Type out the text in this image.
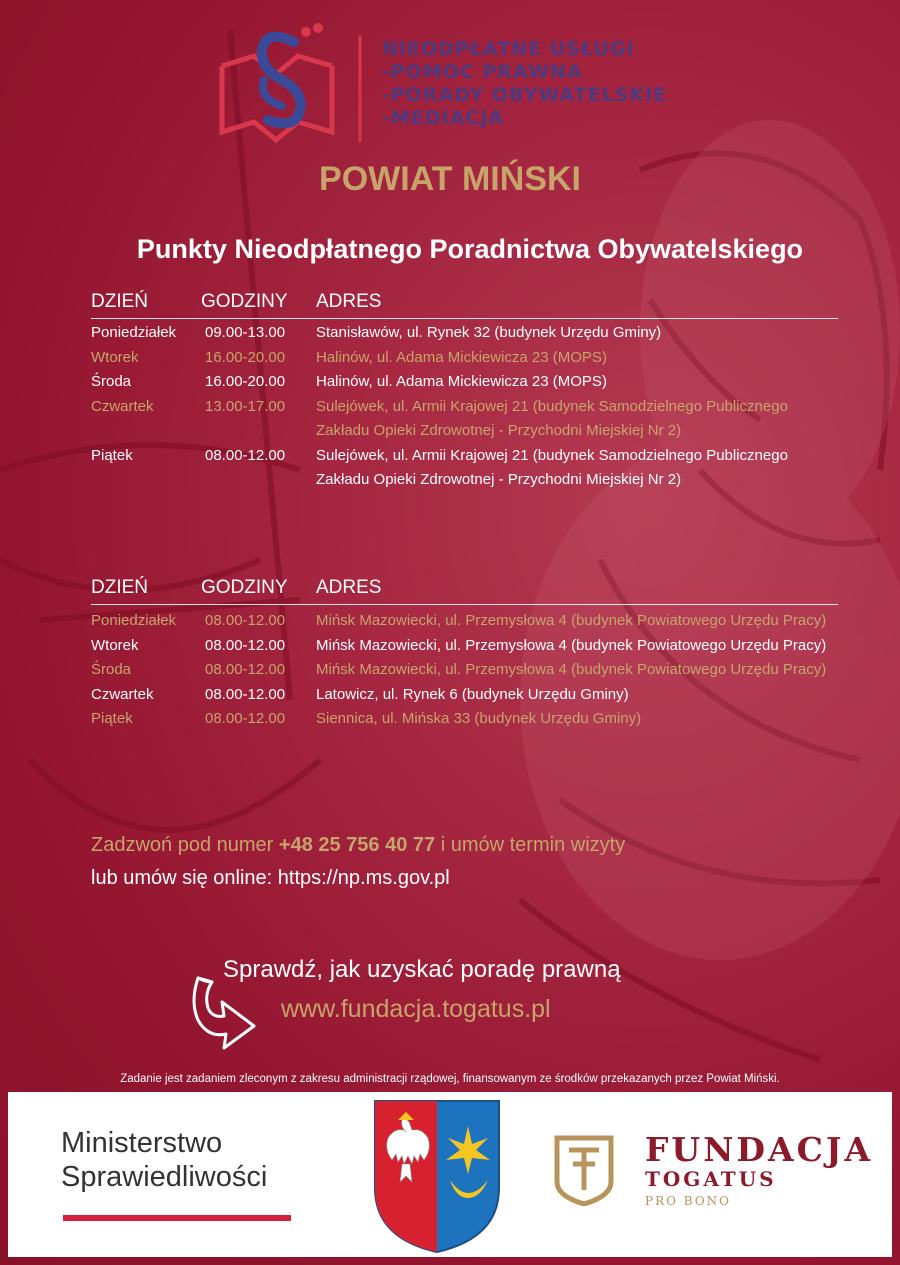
NIEODPŁATNE USŁUGI
-POMOC PRAWNA
-PORADY OBYWATELSKIE
-MEDIACJA
POWIAT MIŃSKI
Punkty Nieodpłatnego Poradnictwa Obywatelskiego
DZIEŃ	GODZINY	ADRES
Poniedziałek	09.00-13.00	Stanisławów, ul. Rynek 32 (budynek Urzędu Gminy)
Wtorek	16.00-20.00	Halinów, ul. Adama Mickiewicza 23 (MOPS)
Środa	16.00-20.00	Halinów, ul. Adama Mickiewicza 23 (MOPS)
Czwartek	13.00-17.00	Sulejówek, ul. Armii Krajowej 21 (budynek Samodzielnego Publicznego Zakładu Opieki Zdrowotnej - Przychodni Miejskiej Nr 2)
Piątek	08.00-12.00	Sulejówek, ul. Armii Krajowej 21 (budynek Samodzielnego Publicznego Zakładu Opieki Zdrowotnej - Przychodni Miejskiej Nr 2)
DZIEŃ	GODZINY	ADRES
Poniedziałek	08.00-12.00	Mińsk Mazowiecki, ul. Przemysłowa 4 (budynek Powiatowego Urzędu Pracy)
Wtorek	08.00-12.00	Mińsk Mazowiecki, ul. Przemysłowa 4 (budynek Powiatowego Urzędu Pracy)
Środa	08.00-12.00	Mińsk Mazowiecki, ul. Przemysłowa 4 (budynek Powiatowego Urzędu Pracy)
Czwartek	08.00-12.00	Latowicz, ul. Rynek 6 (budynek Urzędu Gminy)
Piątek	08.00-12.00	Siennica, ul. Mińska 33 (budynek Urzędu Gminy)
Zadzwoń pod numer +48 25 756 40 77 i umów termin wizyty
lub umów się online: https://np.ms.gov.pl
Sprawdź, jak uzyskać poradę prawną
www.fundacja.togatus.pl
Zadanie jest zadaniem zleconym z zakresu administracji rządowej, finansowanym ze środków przekazanych przez Powiat Miński.
Ministerstwo
Sprawiedliwości
FUNDACJA
TOGATUS
PRO BONO
